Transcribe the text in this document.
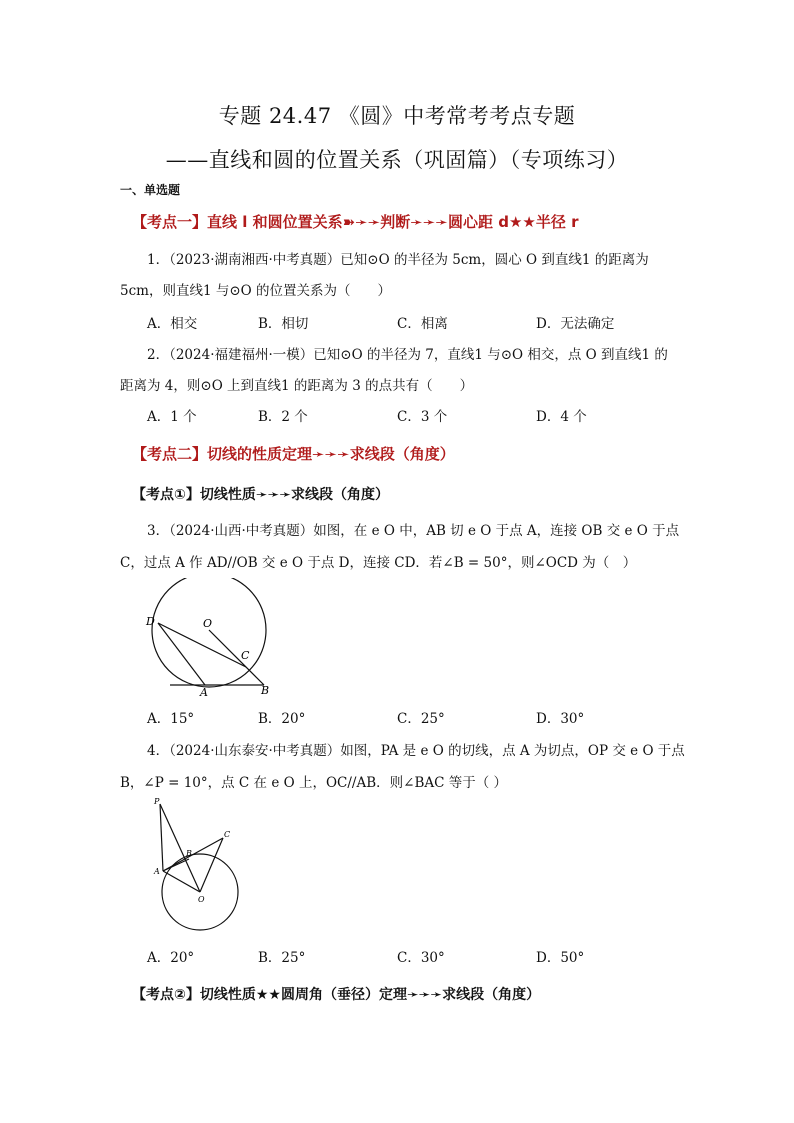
专题 24.47 《圆》中考常考考点专题
——直线和圆的位置关系（巩固篇）（专项练习）
一、单选题
【考点一】直线 l 和圆位置关系➽➛➛判断➛➛➛圆心距 d★★半径 r
1．（2023·湖南湘西·中考真题）已知⊙O 的半径为 5cm，圆心 O 到直线1 的距离为
5cm，则直线1 与⊙O 的位置关系为（　　）
A．相交	B．相切	C．相离	D．无法确定
2．（2024·福建福州·一模）已知⊙O 的半径为 7，直线1 与⊙O 相交，点 O 到直线1 的
距离为 4，则⊙O 上到直线1 的距离为 3 的点共有（　　）
A．1 个	B．2 个	C．3 个	D．4 个
【考点二】切线的性质定理➛➛➛求线段（角度）
【考点①】切线性质➛➛➛求线段（角度）
3．（2024·山西·中考真题）如图，在 e O 中，AB 切 e O 于点 A，连接 OB 交 e O 于点
C，过点 A 作 AD//OB 交 e O 于点 D，连接 CD．若∠B = 50°，则∠OCD 为（　）
D	O
C
A	B
A．15°	B．20°	C．25°	D．30°
4．（2024·山东泰安·中考真题）如图，PA 是 e O 的切线，点 A 为切点，OP 交 e O 于点
B，∠P = 10°，点 C 在 e O 上，OC//AB．则∠BAC 等于（ ）
P
B
C
A
O
A．20°	B．25°	C．30°	D．50°
【考点②】切线性质★★圆周角（垂径）定理➛➛➛求线段（角度）
